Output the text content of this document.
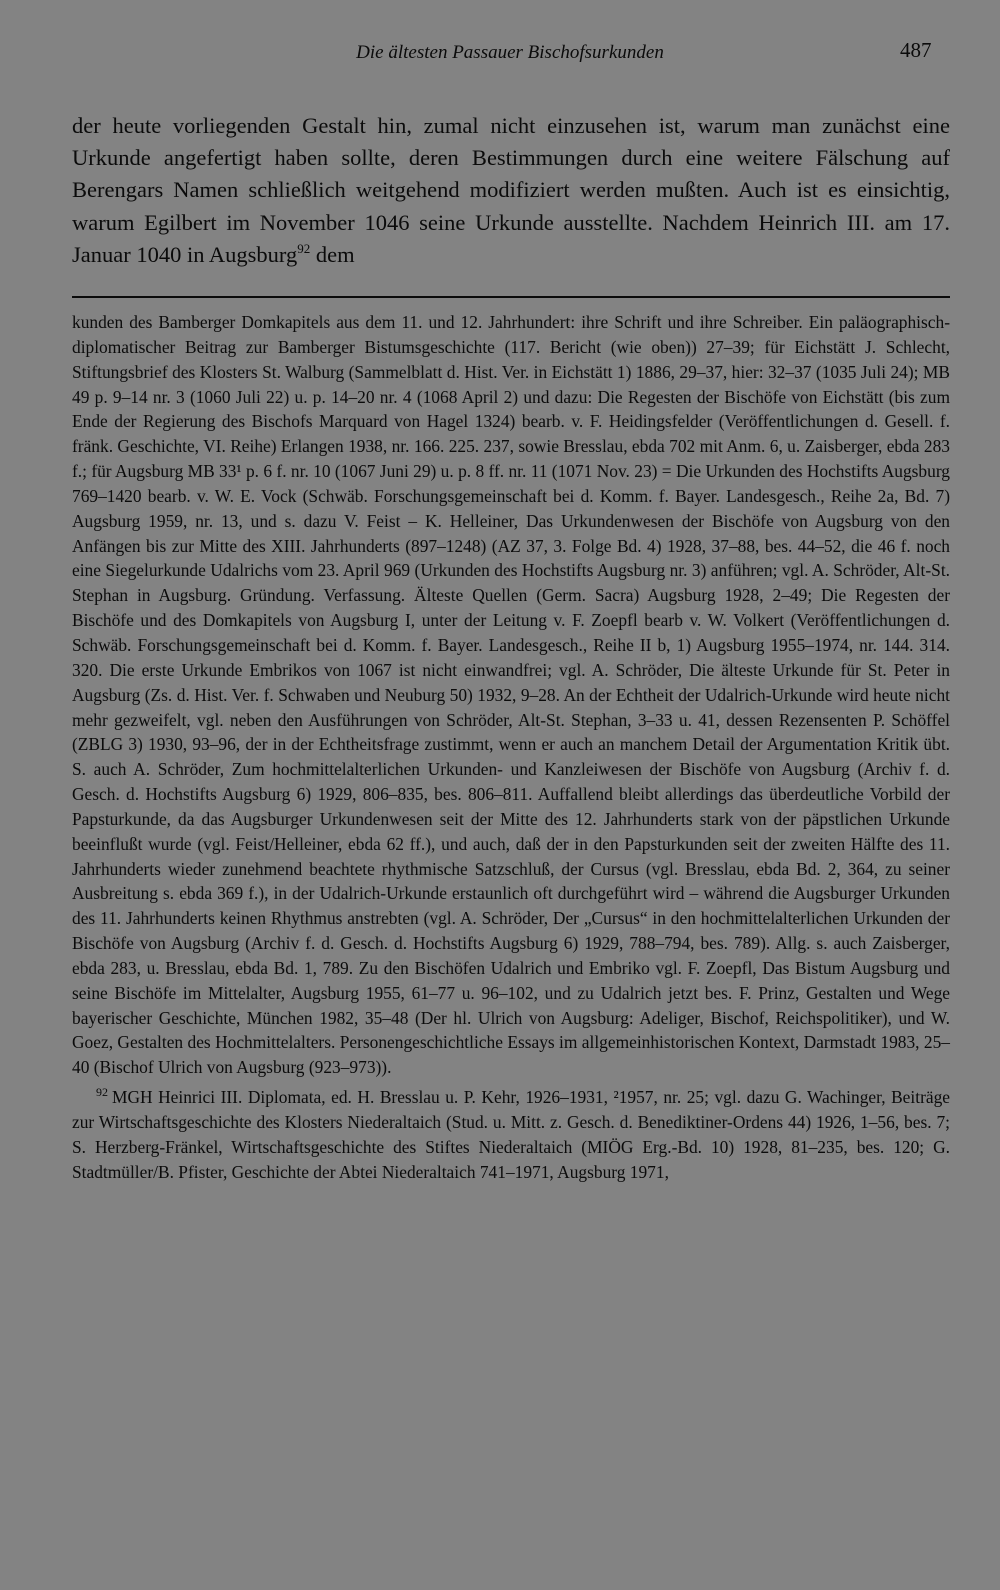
Die ältesten Passauer Bischofsurkunden	487
der heute vorliegenden Gestalt hin, zumal nicht einzusehen ist, warum man zunächst eine Urkunde angefertigt haben sollte, deren Bestimmungen durch eine weitere Fälschung auf Berengars Namen schließlich weitgehend modifiziert werden mußten. Auch ist es einsichtig, warum Egilbert im November 1046 seine Urkunde ausstellte. Nachdem Heinrich III. am 17. Januar 1040 in Augsburg$^{92}$ dem

kunden des Bamberger Domkapitels aus dem 11. und 12. Jahrhundert: ihre Schrift und ihre Schreiber. Ein paläographisch-diplomatischer Beitrag zur Bamberger Bistumsgeschichte (117. Bericht (wie oben)) 27–39; für Eichstätt J. Schlecht, Stiftungsbrief des Klosters St. Walburg (Sammelblatt d. Hist. Ver. in Eichstätt 1) 1886, 29–37, hier: 32–37 (1035 Juli 24); MB 49 p. 9–14 nr. 3 (1060 Juli 22) u. p. 14–20 nr. 4 (1068 April 2) und dazu: Die Regesten der Bischöfe von Eichstätt (bis zum Ende der Regierung des Bischofs Marquard von Hagel 1324) bearb. v. F. Heidingsfelder (Veröffentlichungen d. Gesell. f. fränk. Geschichte, VI. Reihe) Erlangen 1938, nr. 166. 225. 237, sowie Bresslau, ebda 702 mit Anm. 6, u. Zaisberger, ebda 283 f.; für Augsburg MB 33¹ p. 6 f. nr. 10 (1067 Juni 29) u. p. 8 ff. nr. 11 (1071 Nov. 23) = Die Urkunden des Hochstifts Augsburg 769–1420 bearb. v. W. E. Vock (Schwäb. Forschungsgemeinschaft bei d. Komm. f. Bayer. Landesgesch., Reihe 2a, Bd. 7) Augsburg 1959, nr. 13, und s. dazu V. Feist – K. Helleiner, Das Urkundenwesen der Bischöfe von Augsburg von den Anfängen bis zur Mitte des XIII. Jahrhunderts (897–1248) (AZ 37, 3. Folge Bd. 4) 1928, 37–88, bes. 44–52, die 46 f. noch eine Siegelurkunde Udalrichs vom 23. April 969 (Urkunden des Hochstifts Augsburg nr. 3) anführen; vgl. A. Schröder, Alt-St. Stephan in Augsburg. Gründung. Verfassung. Älteste Quellen (Germ. Sacra) Augsburg 1928, 2–49; Die Regesten der Bischöfe und des Domkapitels von Augsburg I, unter der Leitung v. F. Zoepfl bearb v. W. Volkert (Veröffentlichungen d. Schwäb. Forschungsgemeinschaft bei d. Komm. f. Bayer. Landesgesch., Reihe II b, 1) Augsburg 1955–1974, nr. 144. 314. 320. Die erste Urkunde Embrikos von 1067 ist nicht einwandfrei; vgl. A. Schröder, Die älteste Urkunde für St. Peter in Augsburg (Zs. d. Hist. Ver. f. Schwaben und Neuburg 50) 1932, 9–28. An der Echtheit der Udalrich-Urkunde wird heute nicht mehr gezweifelt, vgl. neben den Ausführungen von Schröder, Alt-St. Stephan, 3–33 u. 41, dessen Rezensenten P. Schöffel (ZBLG 3) 1930, 93–96, der in der Echtheitsfrage zustimmt, wenn er auch an manchem Detail der Argumentation Kritik übt. S. auch A. Schröder, Zum hochmittelalterlichen Urkunden- und Kanzleiwesen der Bischöfe von Augsburg (Archiv f. d. Gesch. d. Hochstifts Augsburg 6) 1929, 806–835, bes. 806–811. Auffallend bleibt allerdings das überdeutliche Vorbild der Papsturkunde, da das Augsburger Urkundenwesen seit der Mitte des 12. Jahrhunderts stark von der päpstlichen Urkunde beeinflußt wurde (vgl. Feist/Helleiner, ebda 62 ff.), und auch, daß der in den Papsturkunden seit der zweiten Hälfte des 11. Jahrhunderts wieder zunehmend beachtete rhythmische Satzschluß, der Cursus (vgl. Bresslau, ebda Bd. 2, 364, zu seiner Ausbreitung s. ebda 369 f.), in der Udalrich-Urkunde erstaunlich oft durchgeführt wird – während die Augsburger Urkunden des 11. Jahrhunderts keinen Rhythmus anstrebten (vgl. A. Schröder, Der „Cursus“ in den hochmittelalterlichen Urkunden der Bischöfe von Augsburg (Archiv f. d. Gesch. d. Hochstifts Augsburg 6) 1929, 788–794, bes. 789). Allg. s. auch Zaisberger, ebda 283, u. Bresslau, ebda Bd. 1, 789. Zu den Bischöfen Udalrich und Embriko vgl. F. Zoepfl, Das Bistum Augsburg und seine Bischöfe im Mittelalter, Augsburg 1955, 61–77 u. 96–102, und zu Udalrich jetzt bes. F. Prinz, Gestalten und Wege bayerischer Geschichte, München 1982, 35–48 (Der hl. Ulrich von Augsburg: Adeliger, Bischof, Reichspolitiker), und W. Goez, Gestalten des Hochmittelalters. Personengeschichtliche Essays im allgemeinhistorischen Kontext, Darmstadt 1983, 25–40 (Bischof Ulrich von Augsburg (923–973)).

$^{92}$ MGH Heinrici III. Diplomata, ed. H. Bresslau u. P. Kehr, 1926–1931, ²1957, nr. 25; vgl. dazu G. Wachinger, Beiträge zur Wirtschaftsgeschichte des Klosters Niederaltaich (Stud. u. Mitt. z. Gesch. d. Benediktiner-Ordens 44) 1926, 1–56, bes. 7; S. Herzberg-Fränkel, Wirtschaftsgeschichte des Stiftes Niederaltaich (MIÖG Erg.-Bd. 10) 1928, 81–235, bes. 120; G. Stadtmüller/B. Pfister, Geschichte der Abtei Niederaltaich 741–1971, Augsburg 1971,
